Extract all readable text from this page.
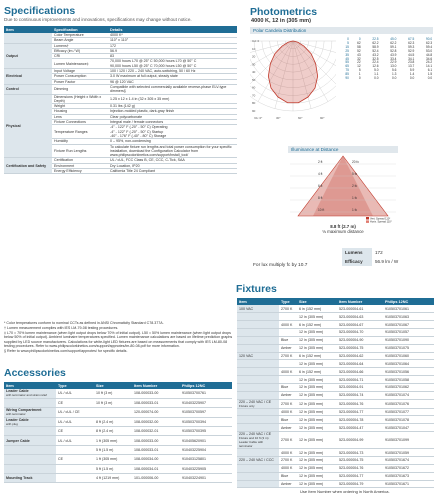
Specifications
Due to continuous improvements and innovations, specifications may change without notice.
Item	Specification	Details
	Color Temperature	4000 K*
	Beam Angle	110° x 110°
Output	Lumens†	172
	Efficacy (lm / W)	56.9
	CRI	83
	Lumen Maintenance‡	70,000 hours L70 @ 25° C 50,000 hours L70 @ 50° C
90,000 hours L50 @ 25° C 70,000 hours L50 @ 50° C
Electrical	Input Voltage	100 / 120 / 220 – 240 VAC, auto-switching, 50 / 60 Hz
	Power Consumption	3.0 W maximum at full output, steady state
	Power Factor	96 @ 120 VAC
Control	Dimming	Compatible with selected commercially available reverse-phase ELV-type dimmers§
Physical	Dimensions (Height x Width x Depth)	1.25 x 12 x 1.4 in (32 x 305 x 35 mm)
	Weight	0.31 lbs (142 g)
	Housing	Injection-molded plastic, dark-gray finish
	Lens	Clear polycarbonate
	Fixture Connections	Integral male / female connectors
	Temperature Ranges	-4° - 122° F (-20° - 50° C) Operating
-4° - 122° F (-20° - 50° C) Startup
-40° - 176° F (-40° - 80° C) Storage
	Humidity	0 – 95%, non-condensing
	Fixture Run Lengths	To calculate fixture run lengths and total power consumption for your specific installation, download the Configuration Calculator from www.philipscolorkinetics.com/support/install_tool/
Certification and Safety	Certification	UL / cUL, FCC Class B, CE, CCC, C-Tick, SAA
	Environment	Dry Location, IP20
	Energy Efficiency	California Title 24 Compliant

* Color temperatures conform to nominal CCTs as defined in ANSI Chromaticity Standard C78.377A.

† Lumen measurement complies with IES LM-79-08 testing procedures.

‡ L70 = 70% lumen maintenance (when light output drops below 70% of initial output). L50 = 50% lumen maintenance (when light output drops below 50% of initial output). Ambient luminaire temperatures specified. Lumen maintenance calculations are based on lifetime prediction graphs supplied by LED source manufacturers. Calculations for white-light LED fixtures are based on measurements that comply with IES LM-80-08 testing procedures. Refer to www.philipscolorkinetics.com/support/appnotes/lm-80-08.pdf for more information.

§ Refer to www.philipscolorkinetics.com/support/appnotes/ for specific details.

Photometrics
4000 K, 12 in (305 mm)
Polar Candela Distribution
Cd: 0
10
20
30
40
50
60
70
80
90
VA: 0°	30°	60°	90°
0	0	22.5	45.0	67.5	90.0
5	62	62.2	62.2	62.3	62.3
15	58	58.9	59.1	59.3	59.4
25	52	52.4	52.8	52.9	53.0
35	43	43.2	43.9	44.5	44.8
45	32	32.5	33.4	34.1	34.6
55	22	22.4	22.9	23.8	24.2
65	12	12.6	13.0	13.7	14.1
75	5	5.0	5.6	5.9	6.1
85	1	1.1	1.3	1.4	1.5
90	0	0.0	0.0	0.0	0.0
Illuminance at Distance
2 ft	20 fc
4 ft	5 fc
6 ft	2 fc
8 ft	1 fc
10 ft	1 fc
Vert. Spread 110°
Horiz. Spread 110°
8.8 ft (2.7 m)
⅛ maximum distance
For lux multiply fc by 10.7
Lumens	172
Efficacy	56.9 lm / W
Fixtures
Item	Type	Size	Item Number	Philips 12NC
100 VAC	2700 K	6 in (152 mm)	523-000004-61	910503701061
		12 in (305 mm)	523-000004-63	910503701063
	4000 K	6 in (152 mm)	523-000004-67	910503701067
		12 in (305 mm)	523-000004-70	910503701057
	Blue	12 in (305 mm)	523-000004-90	910503701090
	Amber	12 in (305 mm)	523-000004-75	910503701075
120 VAC	2700 K	6 in (152 mm)	523-000004-62	910503701060
		12 in (305 mm)	523-000004-64	910503701064
	4000 K	6 in (152 mm)	523-000004-66	910503701056
		12 in (305 mm)	523-000004-71	910503701058
	Blue	12 in (305 mm)	523-000004-91	910503701062
	Amber	12 in (305 mm)	523-000004-74	910503701074
220 – 240 VAC / CE
Fixture only	2700 K	12 in (305 mm)	523-000004-76	910503701076
	4000 K	12 in (305 mm)	523-000004-77	910503701077
	Blue	12 in (305 mm)	523-000004-78	910503701078
	Amber	12 in (305 mm)	523-000004-47	910503701047
220 – 240 VAC / CE
Fixture and 10 ft (3 m) Leader Cable with terminator	2700 K	12 in (305 mm)	523-000004-99	910503701099
	4000 K	12 in (305 mm)	523-000004-73	910503701059
220 – 240 VAC / CCC	2700 K	12 in (305 mm)	523-000004-75	910503701674
	4000 K	12 in (305 mm)	523-000004-76	910503701672
	Blue	12 in (305 mm)	523-000004-77	910503701673
	Amber	12 in (305 mm)	523-000004-79	910503701671
Use Item Number when ordering in North America.
Accessories
Item	Type	Size	Item Number	Philips 12NC
Leader Cable
with terminator and strain relief	UL / cUL	10 ft (3 m)	108-000033-00	910503700761
	CE	10 ft (3 m)	108-000033-01	910403225907
Wiring Compartment
with terminator	UL / cUL / CE		120-000074-00	910503700597
Leader Cable
with plug	UL / cUL	8 ft (2.4 m)	108-000032-00	910503700394
	CE	8 ft (2.4 m)	108-000032-01	910503700395
Jumper Cable	UL / cUL	1 ft (305 mm)	108-000033-00	910405620901
		5 ft (1.5 m)	108-000033-01	910403225904
	CE	1 ft (305 mm)	108-000034-00	910403125801
		5 ft (1.5 m)	108-000034-01	910403225905
Mounting Track		4 ft (1219 mm)	101-000006-00	910403224901
